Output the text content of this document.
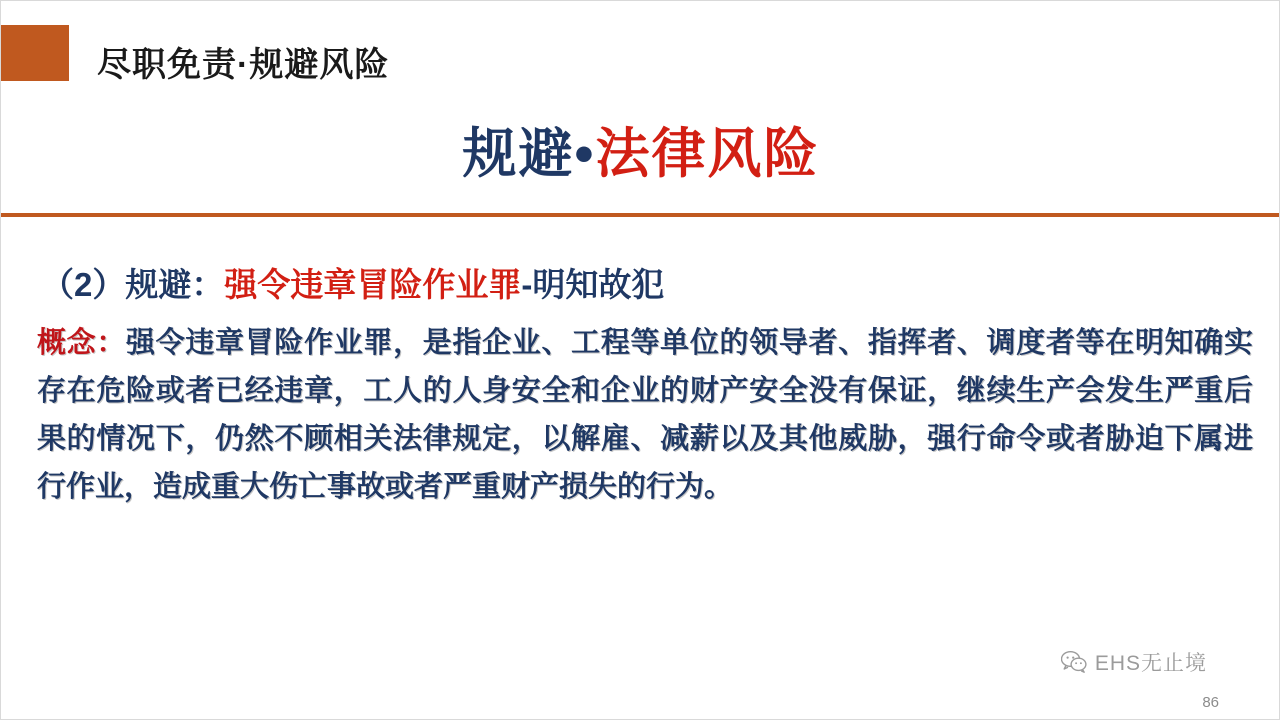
尽职免责·规避风险
规避•法律风险
（2）规避：强令违章冒险作业罪-明知故犯
概念：强令违章冒险作业罪，是指企业、工程等单位的领导者、指挥者、调度者等在明知确实存在危险或者已经违章，工人的人身安全和企业的财产安全没有保证，继续生产会发生严重后果的情况下，仍然不顾相关法律规定，以解雇、减薪以及其他威胁，强行命令或者胁迫下属进行作业，造成重大伤亡事故或者严重财产损失的行为。
EHS无止境
86
